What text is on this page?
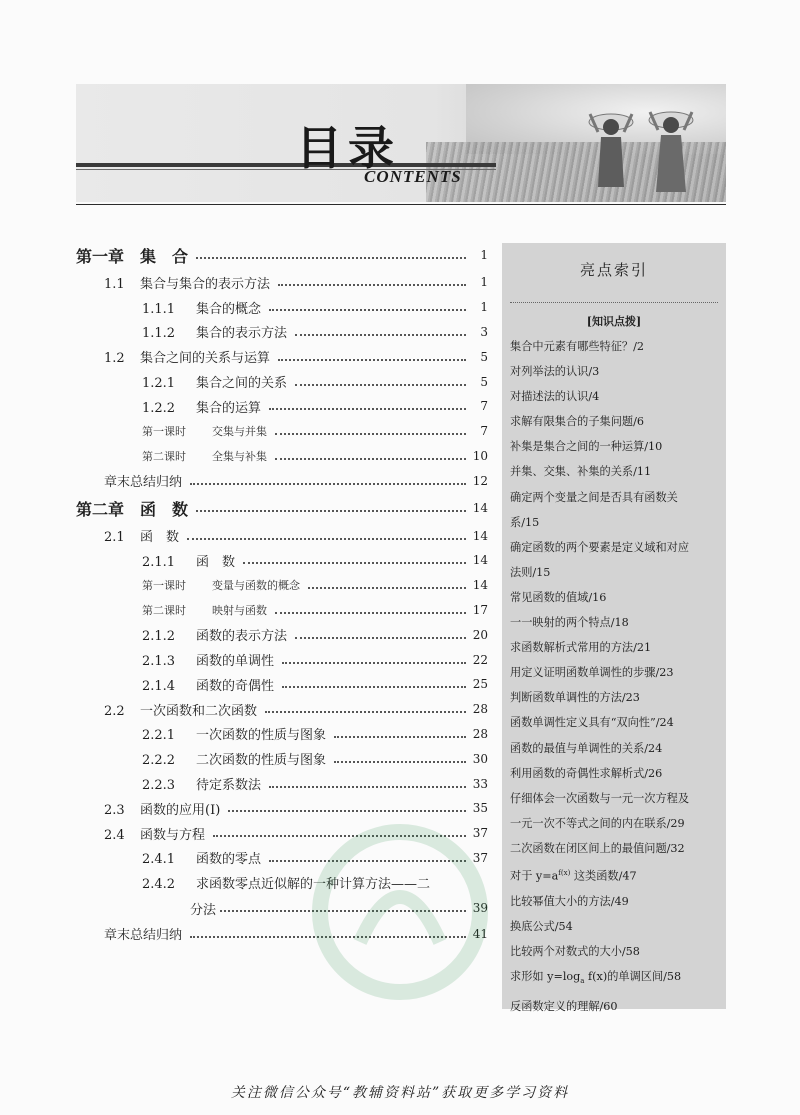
目录
CONTENTS
第一章　集　合	1
1.1 集合与集合的表示方法	1
1.1.1 集合的概念	1
1.1.2 集合的表示方法	3
1.2 集合之间的关系与运算	5
1.2.1 集合之间的关系	5
1.2.2 集合的运算	7
第一课时 交集与并集	7
第二课时 全集与补集	10
章末总结归纳	12
第二章　函　数	14
2.1 函　数	14
2.1.1 函　数	14
第一课时 变量与函数的概念	14
第二课时 映射与函数	17
2.1.2 函数的表示方法	20
2.1.3 函数的单调性	22
2.1.4 函数的奇偶性	25
2.2 一次函数和二次函数	28
2.2.1 一次函数的性质与图象	28
2.2.2 二次函数的性质与图象	30
2.2.3 待定系数法	33
2.3 函数的应用(Ⅰ)	35
2.4 函数与方程	37
2.4.1 函数的零点	37
2.4.2 求函数零点近似解的一种计算方法——二
分法	39
章末总结归纳	41
亮点索引
[知识点拨]
集合中元素有哪些特征？/2
对列举法的认识/3
对描述法的认识/4
求解有限集合的子集问题/6
补集是集合之间的一种运算/10
并集、交集、补集的关系/11
确定两个变量之间是否具有函数关
系/15
确定函数的两个要素是定义域和对应
法则/15
常见函数的值域/16
一一映射的两个特点/18
求函数解析式常用的方法/21
用定义证明函数单调性的步骤/23
判断函数单调性的方法/23
函数单调性定义具有“双向性”/24
函数的最值与单调性的关系/24
利用函数的奇偶性求解析式/26
仔细体会一次函数与一元一次方程及
一元一次不等式之间的内在联系/29
二次函数在闭区间上的最值问题/32
对于 $y=a^{f(x)}$ 这类函数/47
比较幂值大小的方法/49
换底公式/54
比较两个对数式的大小/58
求形如 $y=\log_a$ f(x)的单调区间/58
反函数定义的理解/60
关注微信公众号“教辅资料站”获取更多学习资料
